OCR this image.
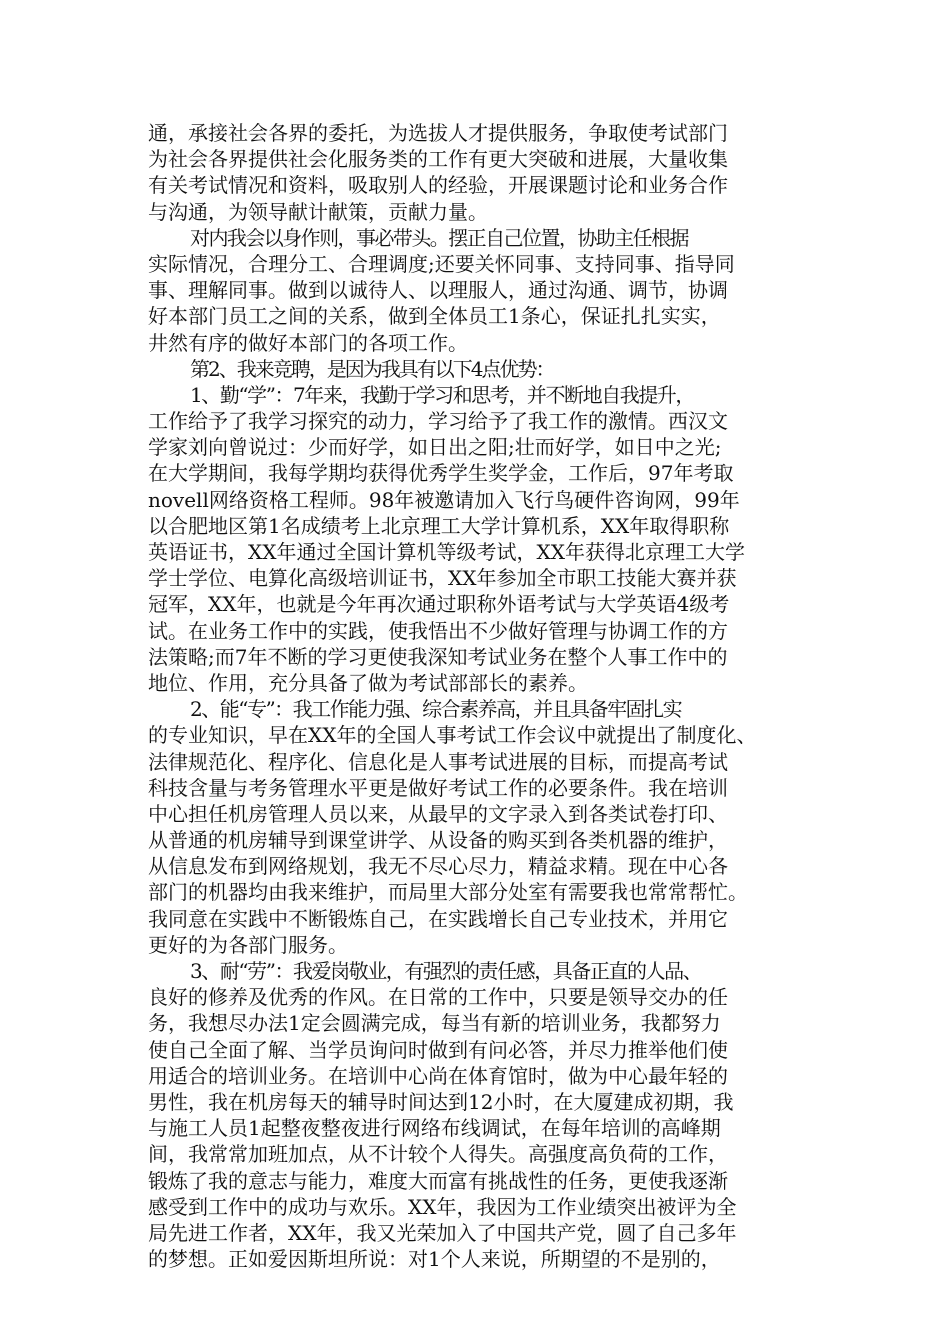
通，承接社会各界的委托，为选拔人才提供服务，争取使考试部门
为社会各界提供社会化服务类的工作有更大突破和进展，大量收集
有关考试情况和资料，吸取别人的经验，开展课题讨论和业务合作
与沟通，为领导献计献策，贡献力量。
对内我会以身作则，事必带头。摆正自己位置，协助主任根据
实际情况，合理分工、合理调度;还要关怀同事、支持同事、指导同
事、理解同事。做到以诚待人、以理服人，通过沟通、调节，协调
好本部门员工之间的关系，做到全体员工1条心，保证扎扎实实，
井然有序的做好本部门的各项工作。
第2、我来竞聘，是因为我具有以下4点优势：
1、勤“学”：7年来，我勤于学习和思考，并不断地自我提升，
工作给予了我学习探究的动力，学习给予了我工作的激情。西汉文
学家刘向曾说过：少而好学，如日出之阳;壮而好学，如日中之光;
在大学期间，我每学期均获得优秀学生奖学金，工作后，97年考取
novell网络资格工程师。98年被邀请加入飞行鸟硬件咨询网，99年
以合肥地区第1名成绩考上北京理工大学计算机系，XX年取得职称
英语证书，XX年通过全国计算机等级考试，XX年获得北京理工大学
学士学位、电算化高级培训证书，XX年参加全市职工技能大赛并获
冠军，XX年，也就是今年再次通过职称外语考试与大学英语4级考
试。在业务工作中的实践，使我悟出不少做好管理与协调工作的方
法策略;而7年不断的学习更使我深知考试业务在整个人事工作中的
地位、作用，充分具备了做为考试部部长的素养。
2、能“专”：我工作能力强、综合素养高，并且具备牢固扎实
的专业知识，早在XX年的全国人事考试工作会议中就提出了制度化、
法律规范化、程序化、信息化是人事考试进展的目标，而提高考试
科技含量与考务管理水平更是做好考试工作的必要条件。我在培训
中心担任机房管理人员以来，从最早的文字录入到各类试卷打印、
从普通的机房辅导到课堂讲学、从设备的购买到各类机器的维护，
从信息发布到网络规划，我无不尽心尽力，精益求精。现在中心各
部门的机器均由我来维护，而局里大部分处室有需要我也常常帮忙。
我同意在实践中不断锻炼自己，在实践增长自己专业技术，并用它
更好的为各部门服务。
3、耐“劳”：我爱岗敬业，有强烈的责任感，具备正直的人品、
良好的修养及优秀的作风。在日常的工作中，只要是领导交办的任
务，我想尽办法1定会圆满完成，每当有新的培训业务，我都努力
使自己全面了解、当学员询问时做到有问必答，并尽力推举他们使
用适合的培训业务。在培训中心尚在体育馆时，做为中心最年轻的
男性，我在机房每天的辅导时间达到12小时，在大厦建成初期，我
与施工人员1起整夜整夜进行网络布线调试，在每年培训的高峰期
间，我常常加班加点，从不计较个人得失。高强度高负荷的工作，
锻炼了我的意志与能力，难度大而富有挑战性的任务，更使我逐渐
感受到工作中的成功与欢乐。XX年，我因为工作业绩突出被评为全
局先进工作者，XX年，我又光荣加入了中国共产党，圆了自己多年
的梦想。正如爱因斯坦所说：对1个人来说，所期望的不是别的，
